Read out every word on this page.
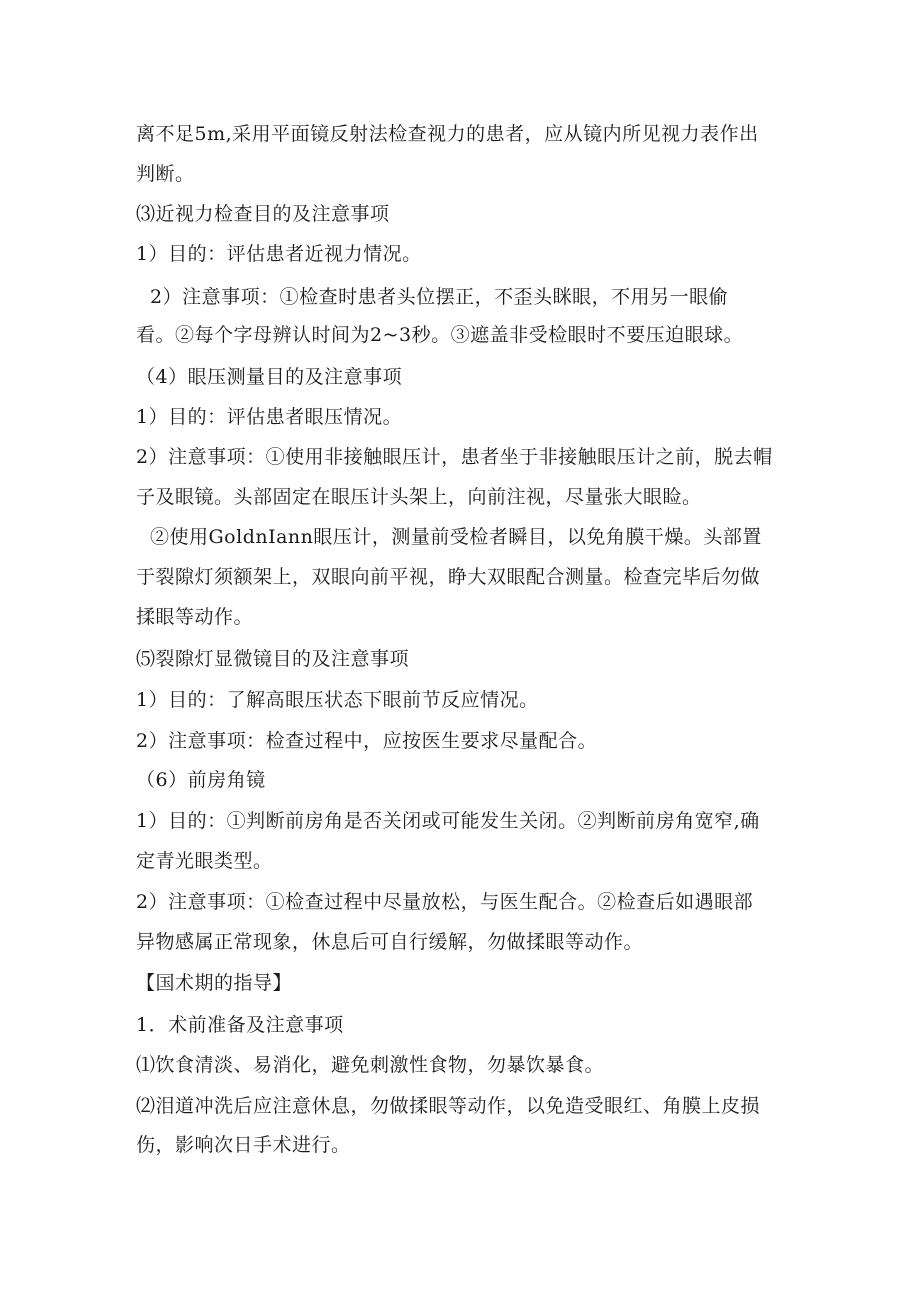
离不足5m,采用平面镜反射法检查视力的患者，应从镜内所见视力表作出
判断。
⑶近视力检查目的及注意事项
1）目的：评估患者近视力情况。
2）注意事项：①检查时患者头位摆正，不歪头眯眼，不用另一眼偷
看。②每个字母辨认时间为2~3秒。③遮盖非受检眼时不要压迫眼球。
（4）眼压测量目的及注意事项
1）目的：评估患者眼压情况。
2）注意事项：①使用非接触眼压计，患者坐于非接触眼压计之前，脱去帽
子及眼镜。头部固定在眼压计头架上，向前注视，尽量张大眼睑。
②使用GoldnIann眼压计，测量前受检者瞬目，以免角膜干燥。头部置
于裂隙灯须额架上，双眼向前平视，睁大双眼配合测量。检查完毕后勿做
揉眼等动作。
⑸裂隙灯显微镜目的及注意事项
1）目的：了解高眼压状态下眼前节反应情况。
2）注意事项：检查过程中，应按医生要求尽量配合。
（6）前房角镜
1）目的：①判断前房角是否关闭或可能发生关闭。②判断前房角宽窄,确
定青光眼类型。
2）注意事项：①检查过程中尽量放松，与医生配合。②检查后如遇眼部
异物感属正常现象，休息后可自行缓解，勿做揉眼等动作。
【国术期的指导】
1．术前准备及注意事项
⑴饮食清淡、易消化，避免刺激性食物，勿暴饮暴食。
⑵泪道冲洗后应注意休息，勿做揉眼等动作，以免造受眼红、角膜上皮损
伤，影响次日手术进行。
